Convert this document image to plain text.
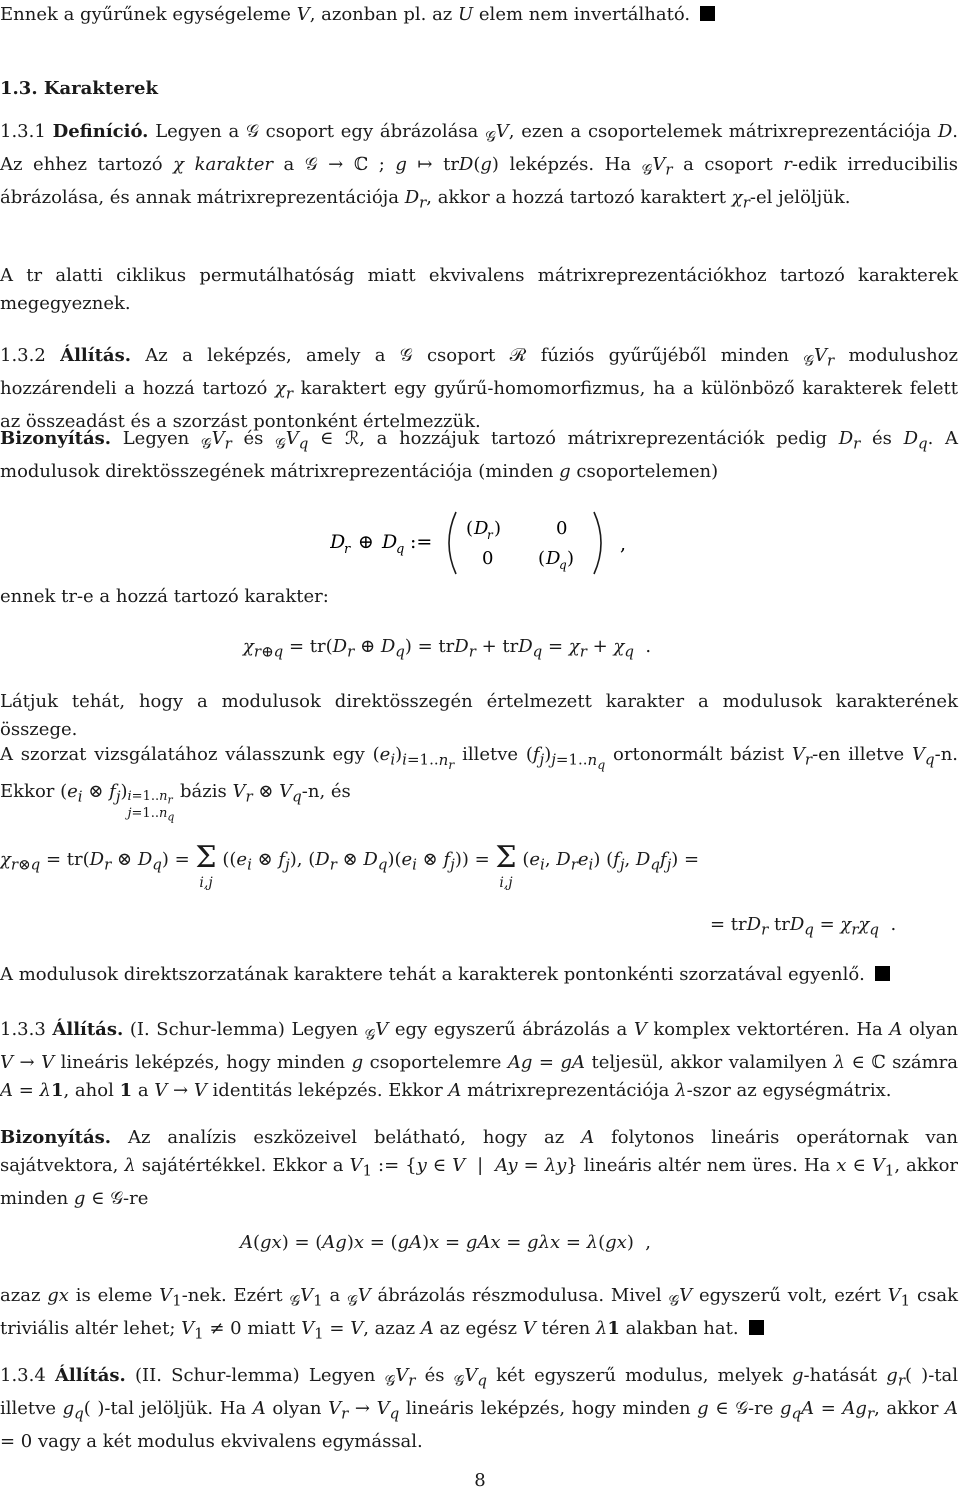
Ennek a gyűrűnek egységeleme V, azonban pl. az U elem nem invertálható.
1.3. Karakterek
1.3.1 Definíció. Legyen a 𝒢 csoport egy ábrázolása $_𝒢$V, ezen a csoportelemek mátrixreprezentációja D. Az ehhez tartozó χ karakter a 𝒢 → ℂ ; g ↦ trD(g) leképzés. Ha $_𝒢V_r$ a csoport r-edik irreducibilis ábrázolása, és annak mátrixreprezentációja $D_r$, akkor a hozzá tartozó karaktert $\chi_r-el$ jelöljük.
A tr alatti ciklikus permutálhatóság miatt ekvivalens mátrixreprezentációkhoz tartozó karakterek megegyeznek.
1.3.2 Állítás. Az a leképzés, amely a 𝒢 csoport ℛ fúziós gyűrűjéből minden $_𝒢V_r$ modulushoz hozzárendeli a hozzá tartozó $\chi_r$ karaktert egy gyűrű-homomorfizmus, ha a különböző karakterek felett az összeadást és a szorzást pontonként értelmezzük.
Bizonyítás. Legyen $_𝒢V_r$ és $_𝒢V_q$ ∈ ℛ, a hozzájuk tartozó mátrixreprezentációk pedig $D_r$ és $D_q$. A modulusok direktösszegének mátrixreprezentációja (minden g csoportelemen)
D
r ⊕ D
q :=
( D
r )	0
0 ( D
q )
,
ennek tr-e a hozzá tartozó karakter:
$\chi_{r\oplus q} = tr(D_r$ ⊕ $D_q) = trD_r + trD_q = \chi_r + \chi_q$  .
Látjuk tehát, hogy a modulusok direktösszegén értelmezett karakter a modulusok karakterének összege.
A szorzat vizsgálatához válasszunk egy $(e_i)_{i=1..n_r}$ illetve $(f_j)_{j=1..n_q}$ ortonormált bázist $V_r-en$ illetve $V_q-n$. Ekkor ($e_i$ ⊗ $f_j)_{i=1..n_r j=1..n_q}$ bázis $V_r$ ⊗ $V_q-n$, és
$\chi_{r\otimes q} = tr(D_r$ ⊗ $D_q) = \Sigma$
i,j (($e_i$ ⊗ $f_j$), ($D_r$ ⊗ $D_q)(e_i$ ⊗ $f_j)) = \Sigma$
i,j ($e_i$, $D_re_i$) ($f_j$, $D_qf_j$) =
= trD$_r$ $trD_q = \chi_r\chi_q$  .
A modulusok direktszorzatának karaktere tehát a karakterek pontonkénti szorzatával egyenlő.
1.3.3 Állítás. (I. Schur-lemma) Legyen $_𝒢$V egy egyszerű ábrázolás a V komplex vektortéren. Ha A olyan V → V lineáris leképzés, hogy minden g csoportelemre Ag = gA teljesül, akkor valamilyen λ ∈ ℂ számra A = λ1, ahol 1 a V → V identitás leképzés. Ekkor A mátrixreprezentációja λ-szor az egységmátrix.
Bizonyítás. Az analízis eszközeivel belátható, hogy az A folytonos lineáris operátornak van sajátvektora, λ sajátértékkel. Ekkor a $V_1$ := {y ∈ V  |  Ay = λy} lineáris altér nem üres. Ha x ∈ $V_1$, akkor minden g ∈ 𝒢-re
A(gx) = (Ag)x = (gA)x = gAx = gλx = λ(gx)  ,
azaz gx is eleme $V_1$-nek. Ezért $_𝒢V_1$ a $_𝒢$V ábrázolás részmodulusa. Mivel $_𝒢$V egyszerű volt, ezért $V_1$ csak triviális altér lehet; $V_1 \ne 0$ miatt $V_1 = V$, azaz A az egész V téren λ1 alakban hat.
1.3.4 Állítás. (II. Schur-lemma) Legyen $_𝒢V_r$ és $_𝒢V_q$ két egyszerű modulus, melyek g-hatását $g_r$( )-tal illetve $g_q$( )-tal jelöljük. Ha A olyan $V_r \to V_q$ lineáris leképzés, hogy minden g ∈ 𝒢-re $g_qA = Ag_r$, akkor A = 0 vagy a két modulus ekvivalens egymással.
8
